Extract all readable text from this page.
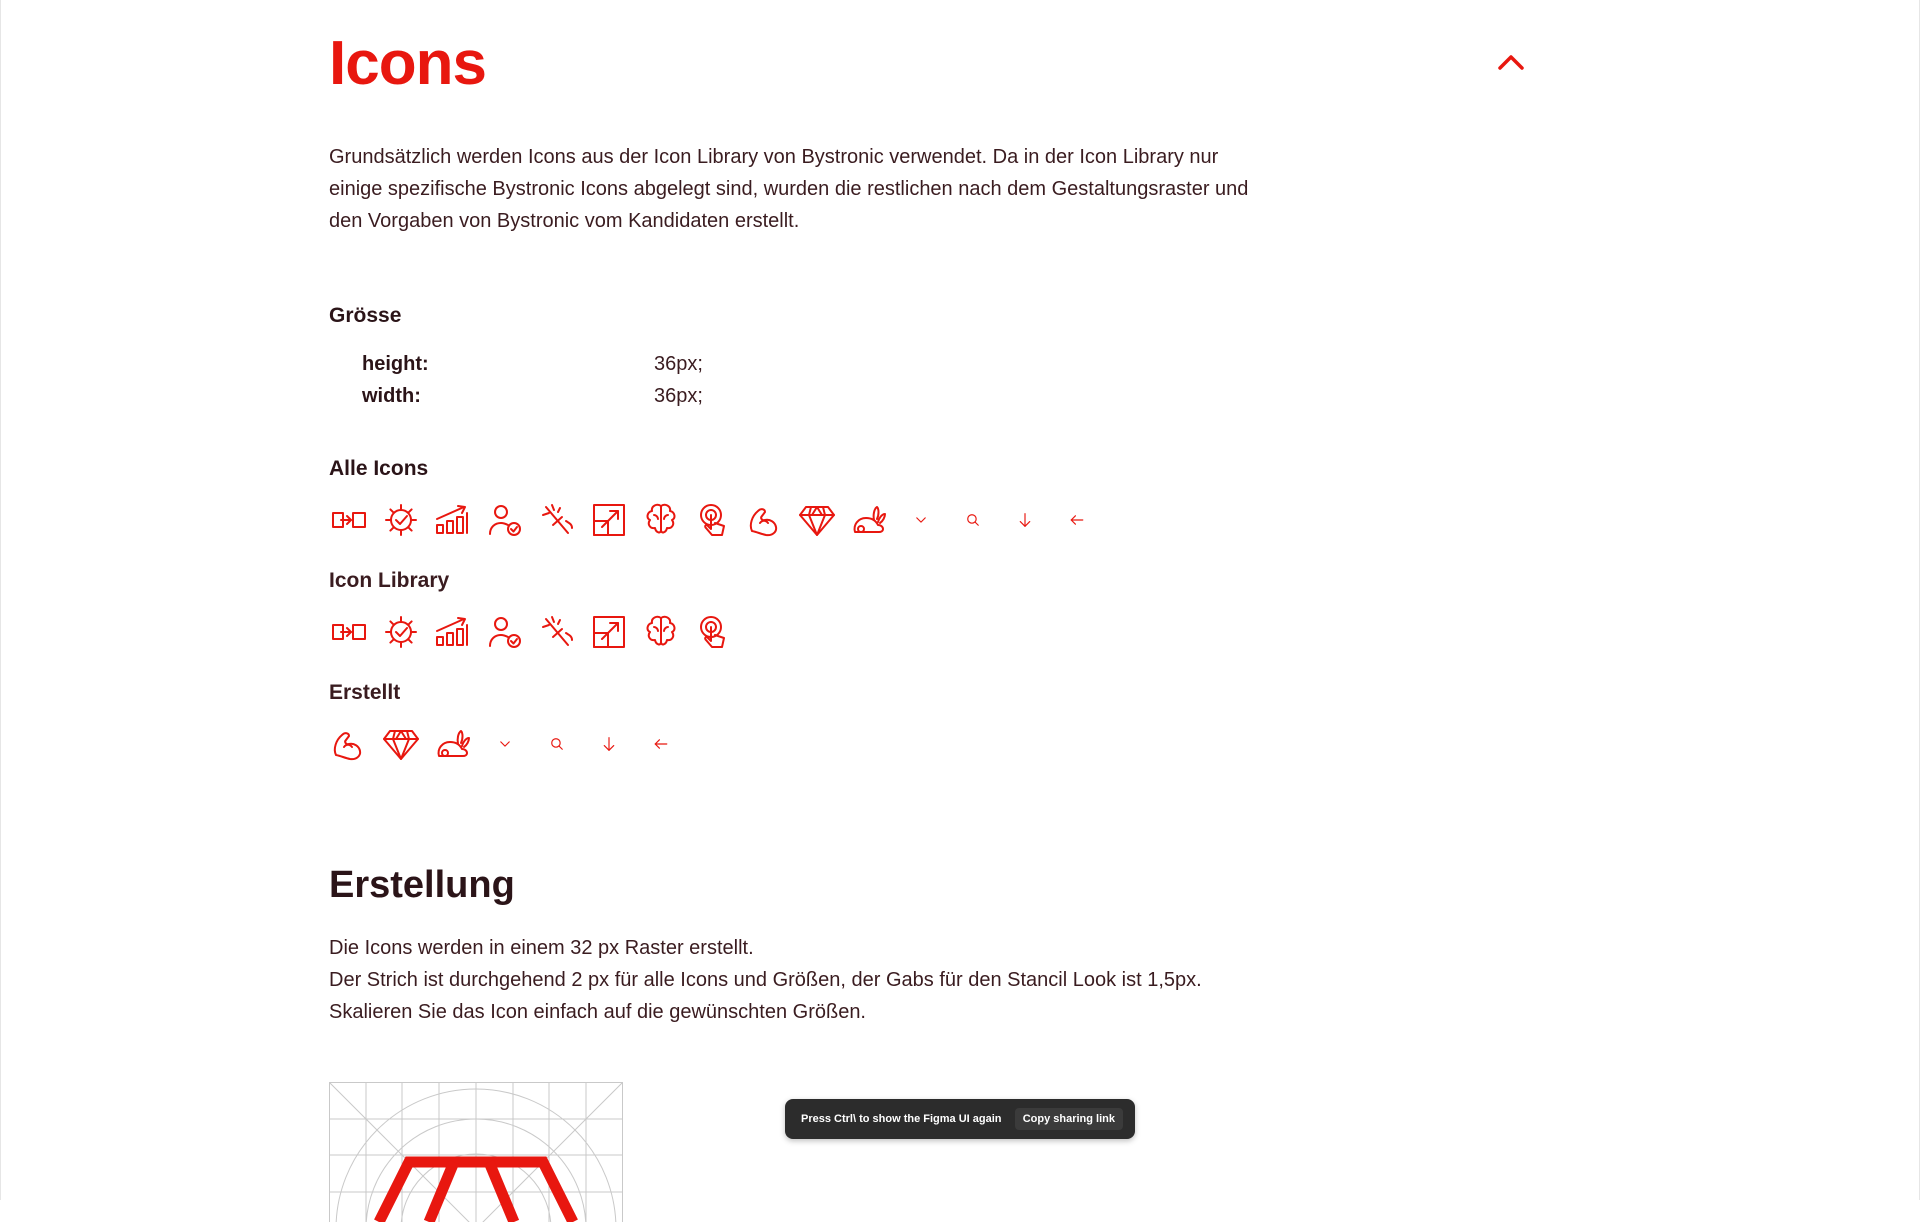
Icons

Grundsätzlich werden Icons aus der Icon Library von Bystronic verwendet. Da in der Icon Library nur einige spezifische Bystronic Icons abgelegt sind, wurden die restlichen nach dem Gestaltungsraster und den Vorgaben von Bystronic vom Kandidaten erstellt.

Grösse
height:	36px;
width:	36px;
Alle Icons
Icon Library
Erstellt
Erstellung

Die Icons werden in einem 32 px Raster erstellt.
Der Strich ist durchgehend 2 px für alle Icons und Größen, der Gabs für den Stancil Look ist 1,5px.
Skalieren Sie das Icon einfach auf die gewünschten Größen.

Press Ctrl\ to show the Figma UI again	Copy sharing link
